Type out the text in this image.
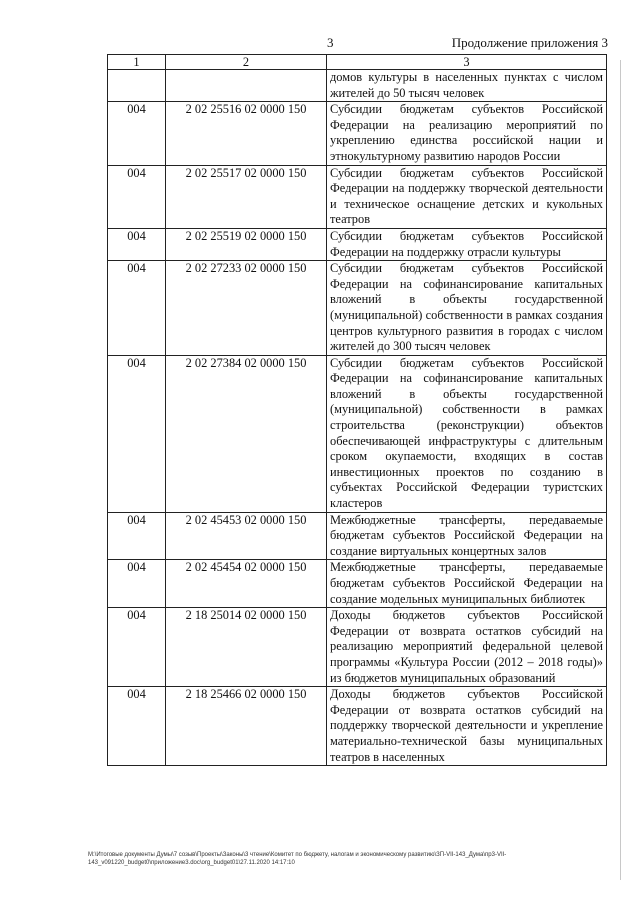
3	Продолжение приложения 3
1	2	3
		домов культуры в населенных пунктах с числом жителей до 50 тысяч человек
004	2 02 25516 02 0000 150	Субсидии бюджетам субъектов Российской Федерации на реализацию мероприятий по укреплению единства российской нации и этнокультурному развитию народов России
004	2 02 25517 02 0000 150	Субсидии бюджетам субъектов Российской Федерации на поддержку творческой деятельности и техническое оснащение детских и кукольных театров
004	2 02 25519 02 0000 150	Субсидии бюджетам субъектов Российской Федерации на поддержку отрасли культуры
004	2 02 27233 02 0000 150	Субсидии бюджетам субъектов Российской Федерации на софинансирование капитальных вложений в объекты государственной (муниципальной) собственности в рамках создания центров культурного развития в городах с числом жителей до 300 тысяч человек
004	2 02 27384 02 0000 150	Субсидии бюджетам субъектов Российской Федерации на софинансирование капитальных вложений в объекты государственной (муниципальной) собственности в рамках строительства (реконструкции) объектов обеспечивающей инфраструктуры с длительным сроком окупаемости, входящих в состав инвестиционных проектов по созданию в субъектах Российской Федерации туристских кластеров
004	2 02 45453 02 0000 150	Межбюджетные трансферты, передаваемые бюджетам субъектов Российской Федерации на создание виртуальных концертных залов
004	2 02 45454 02 0000 150	Межбюджетные трансферты, передаваемые бюджетам субъектов Российской Федерации на создание модельных муниципальных библиотек
004	2 18 25014 02 0000 150	Доходы бюджетов субъектов Российской Федерации от возврата остатков субсидий на реализацию мероприятий федеральной целевой программы «Культура России (2012 – 2018 годы)» из бюджетов муниципальных образований
004	2 18 25466 02 0000 150	Доходы бюджетов субъектов Российской Федерации от возврата остатков субсидий на поддержку творческой деятельности и укрепление материально-технической базы муниципальных театров в населенных
М:\Итоговые документы Думы\7 созыв\Проекты\Законы\3 чтение\Комитет по бюджету, налогам и экономическому развитию\ЗП-VII-143_Дума\пр3-VII-143_v091220_budget0\приложение3.doc\org_budget01\27.11.2020 14:17:10
